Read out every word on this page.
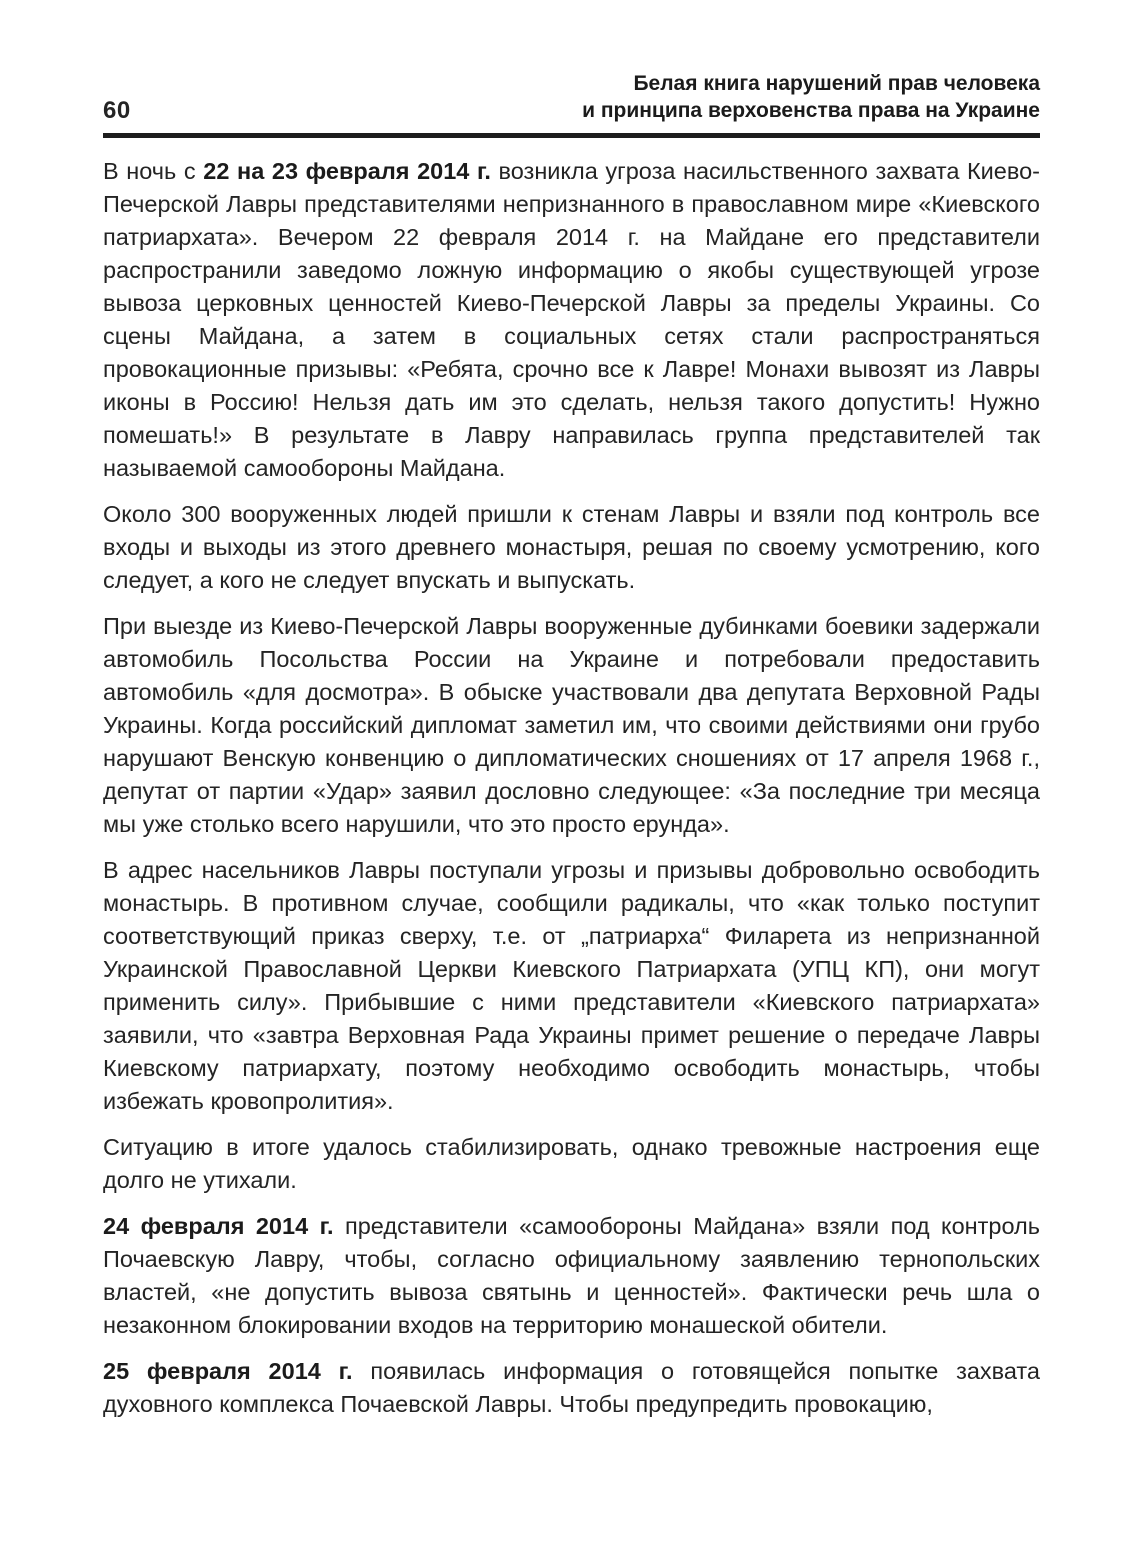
60
Белая книга нарушений прав человека
и принципа верховенства права на Украине

В ночь с 22 на 23 февраля 2014 г. возникла угроза насильственного захвата Киево-Печерской Лавры представителями непризнанного в православном мире «Киевского патриархата». Вечером 22 февраля 2014 г. на Майдане его представители распространили заведомо ложную информацию о якобы существующей угрозе вывоза церковных ценностей Киево-Печерской Лавры за пределы Украины. Со сцены Майдана, а затем в социальных сетях стали распространяться провокационные призывы: «Ребята, срочно все к Лавре! Монахи вывозят из Лавры иконы в Россию! Нельзя дать им это сделать, нельзя такого допустить! Нужно помешать!» В результате в Лавру направилась группа представителей так называемой самообороны Майдана.

Около 300 вооруженных людей пришли к стенам Лавры и взяли под контроль все входы и выходы из этого древнего монастыря, решая по своему усмотрению, кого следует, а кого не следует впускать и выпускать.

При выезде из Киево-Печерской Лавры вооруженные дубинками боевики задержали автомобиль Посольства России на Украине и потребовали предоставить автомобиль «для досмотра». В обыске участвовали два депутата Верховной Рады Украины. Когда российский дипломат заметил им, что своими действиями они грубо нарушают Венскую конвенцию о дипломатических сношениях от 17 апреля 1968 г., депутат от партии «Удар» заявил дословно следующее: «За последние три месяца мы уже столько всего нарушили, что это просто ерунда».

В адрес насельников Лавры поступали угрозы и призывы добровольно освободить монастырь. В противном случае, сообщили радикалы, что «как только поступит соответствующий приказ сверху, т.е. от „патриарха“ Филарета из непризнанной Украинской Православной Церкви Киевского Патриархата (УПЦ КП), они могут применить силу». Прибывшие с ними представители «Киевского патриархата» заявили, что «завтра Верховная Рада Украины примет решение о передаче Лавры Киевскому патриархату, поэтому необходимо освободить монастырь, чтобы избежать кровопролития».

Ситуацию в итоге удалось стабилизировать, однако тревожные настроения еще долго не утихали.

24 февраля 2014 г. представители «самообороны Майдана» взяли под контроль Почаевскую Лавру, чтобы, согласно официальному заявлению тернопольских властей, «не допустить вывоза святынь и ценностей». Фактически речь шла о незаконном блокировании входов на территорию монашеской обители.

25 февраля 2014 г. появилась информация о готовящейся попытке захвата духовного комплекса Почаевской Лавры. Чтобы предупредить провокацию,
